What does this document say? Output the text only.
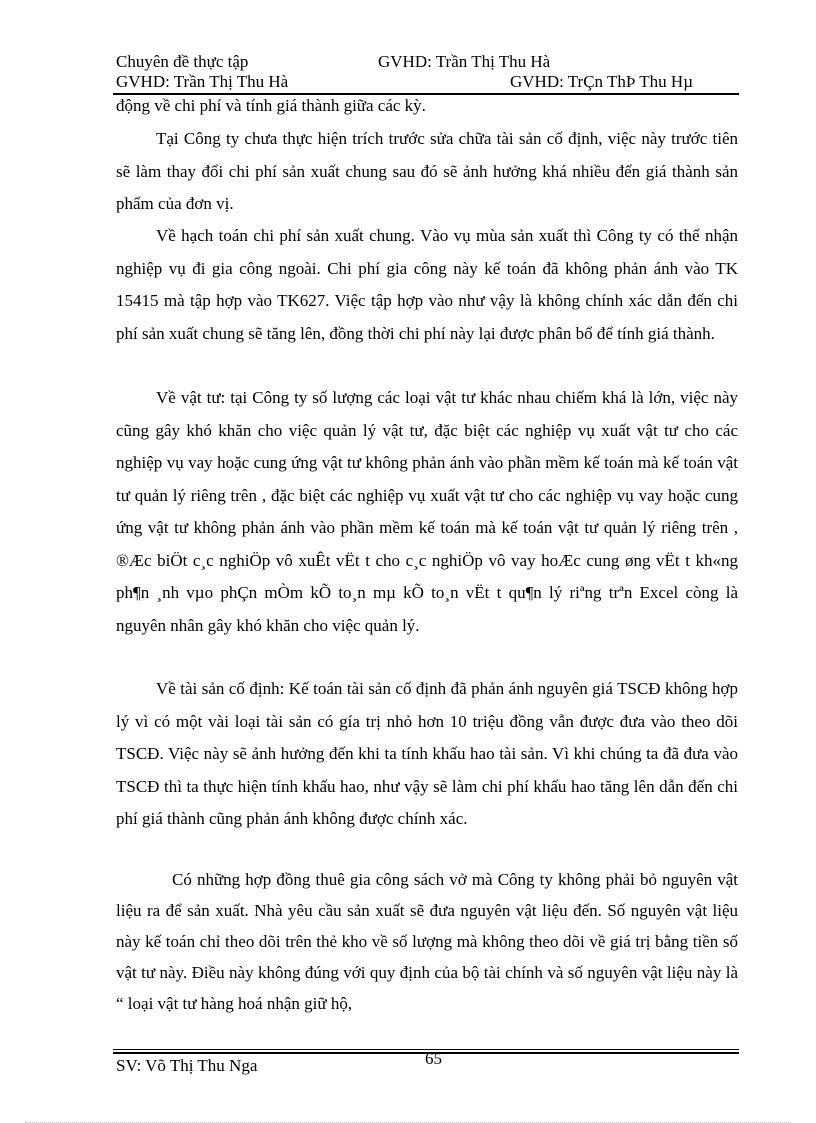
Chuyên đề thực tập	GVHD: Trần Thị Thu Hà
GVHD: Trần Thị Thu Hà	GVHD: TrÇn ThÞ Thu Hµ

động về chi phí và tính giá thành giữa các kỳ.

Tại Công ty chưa thực hiện trích trước sửa chữa tài sản cố định, việc này trước tiên sẽ làm thay đổi chi phí sản xuất chung sau đó sẽ ảnh hưởng khá nhiều đến giá thành sản phẩm của đơn vị.

Về hạch toán chi phí sản xuất chung. Vào vụ mùa sản xuất thì Công ty có thể nhận nghiệp vụ đi gia công ngoài. Chi phí gia công này kế toán đã không phản ánh vào TK 15415 mà tập hợp vào TK627. Việc tập hợp vào như vậy là không chính xác dẫn đến chi phí sản xuất chung sẽ tăng lên, đồng thời chi phí này lại được phân bổ để tính giá thành.

Về vật tư: tại Công ty số lượng các loại vật tư khác nhau chiếm khá là lớn, việc này cũng gây khó khăn cho việc quản lý vật tư, đặc biệt các nghiệp vụ xuất vật tư cho các nghiệp vụ vay hoặc cung ứng vật tư không phản ánh vào phần mềm kế toán mà kế toán vật tư quản lý riêng trên , đặc biệt các nghiệp vụ xuất vật tư cho các nghiệp vụ vay hoặc cung ứng vật tư không phản ánh vào phần mềm kế toán mà kế toán vật tư quản lý riêng trên , ®Æc biÖt c¸c nghiÖp vô xuÊt vËt t cho c¸c nghiÖp vô vay hoÆc cung øng vËt t kh«ng ph¶n ¸nh vµo phÇn mÒm kÕ to¸n mµ kÕ to¸n vËt t qu¶n lý riªng trªn Excel còng là nguyên nhân gây khó khăn cho việc quản lý.

Về tài sản cố định: Kế toán tài sản cố định đã phản ánh nguyên giá TSCĐ không hợp lý vì có một vài loại tài sản có gía trị nhỏ hơn 10 triệu đồng vẫn được đưa vào theo dõi TSCĐ. Việc này sẽ ảnh hưởng đến khi ta tính khấu hao tài sản. Vì khi chúng ta đã đưa vào TSCĐ thì ta thực hiện tính khấu hao, như vậy sẽ làm chi phí khấu hao tăng lên dẫn đến chi phí giá thành cũng phản ánh không được chính xác.

Có những hợp đồng thuê gia công sách vở mà Công ty không phải bỏ nguyên vật liệu ra để sản xuất. Nhà yêu cầu sản xuất sẽ đưa nguyên vật liệu đến. Số nguyên vật liệu này kế toán chỉ theo dõi trên thẻ kho về số lượng mà không theo dõi về giá trị bằng tiền số vật tư này. Điều này không đúng với quy định của bộ tài chính và số nguyên vật liệu này là “ loại vật tư hàng hoá nhận giữ hộ,

SV: Võ Thị Thu Nga	65
